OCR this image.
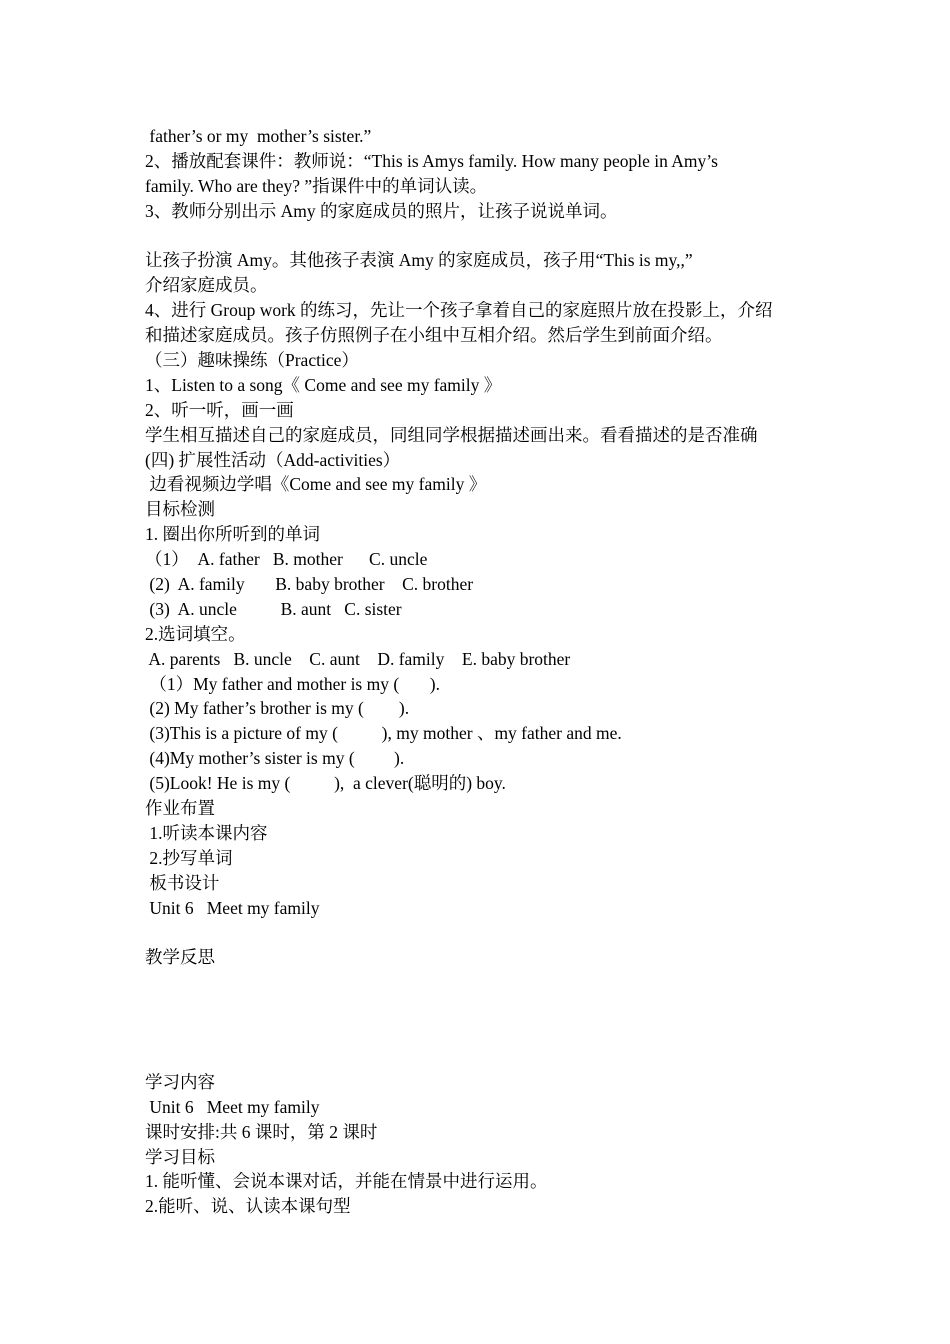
father’s or my  mother’s sister.”
2、播放配套课件：教师说：“This is Amys family. How many people in Amy’s
family. Who are they? ”指课件中的单词认读。
3、教师分别出示 Amy 的家庭成员的照片，让孩子说说单词。
让孩子扮演 Amy。其他孩子表演 Amy 的家庭成员，孩子用“This is my,,”
介绍家庭成员。
4、进行 Group work 的练习，先让一个孩子拿着自己的家庭照片放在投影上，介绍
和描述家庭成员。孩子仿照例子在小组中互相介绍。然后学生到前面介绍。
（三）趣味操练（Practice）
1、Listen to a song《 Come and see my family 》
2、听一听，画一画
学生相互描述自己的家庭成员，同组同学根据描述画出来。看看描述的是否准确
(四) 扩展性活动（Add-activities）
边看视频边学唱《Come and see my family 》
目标检测
1. 圈出你所听到的单词
（1）  A. father   B. mother      C. uncle
(2)  A. family       B. baby brother    C. brother
(3)  A. uncle          B. aunt   C. sister
2.选词填空。
A. parents   B. uncle    C. aunt    D. family    E. baby brother
（1）My father and mother is my (       ).
(2) My father’s brother is my (        ).
(3)This is a picture of my (          ), my mother 、my father and me.
(4)My mother’s sister is my (         ).
(5)Look! He is my (          ),  a clever(聪明的) boy.
作业布置
1.听读本课内容
2.抄写单词
板书设计
Unit 6   Meet my family
教学反思
学习内容
Unit 6   Meet my family
课时安排:共 6 课时，第 2 课时
学习目标
1. 能听懂、会说本课对话，并能在情景中进行运用。
2.能听、说、认读本课句型
